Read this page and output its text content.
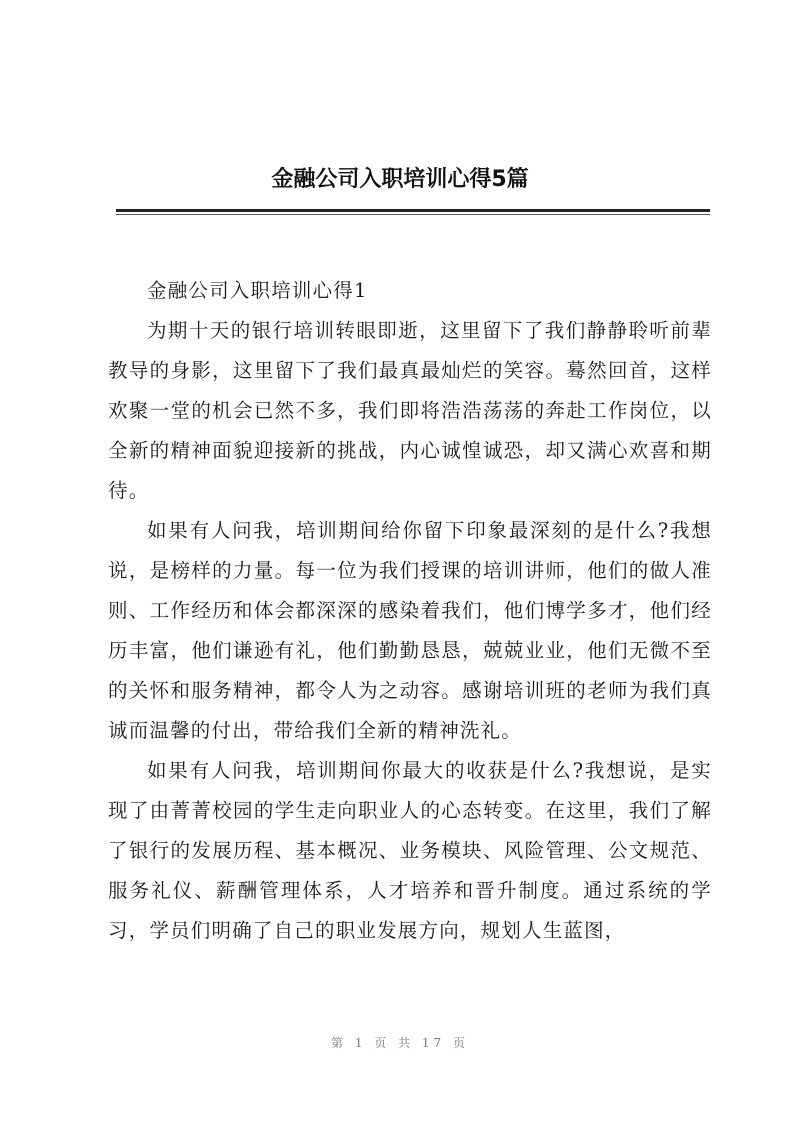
金融公司入职培训心得5篇

金融公司入职培训心得1

为期十天的银行培训转眼即逝，这里留下了我们静静聆听前辈教导的身影，这里留下了我们最真最灿烂的笑容。蓦然回首，这样欢聚一堂的机会已然不多，我们即将浩浩荡荡的奔赴工作岗位，以全新的精神面貌迎接新的挑战，内心诚惶诚恐，却又满心欢喜和期待。

如果有人问我，培训期间给你留下印象最深刻的是什么?我想说，是榜样的力量。每一位为我们授课的培训讲师，他们的做人准则、工作经历和体会都深深的感染着我们，他们博学多才，他们经历丰富，他们谦逊有礼，他们勤勤恳恳，兢兢业业，他们无微不至的关怀和服务精神，都令人为之动容。感谢培训班的老师为我们真诚而温馨的付出，带给我们全新的精神洗礼。

如果有人问我，培训期间你最大的收获是什么?我想说，是实现了由菁菁校园的学生走向职业人的心态转变。在这里，我们了解了银行的发展历程、基本概况、业务模块、风险管理、公文规范、服务礼仪、薪酬管理体系，人才培养和晋升制度。通过系统的学习，学员们明确了自己的职业发展方向，规划人生蓝图，

第 1 页 共 17 页
